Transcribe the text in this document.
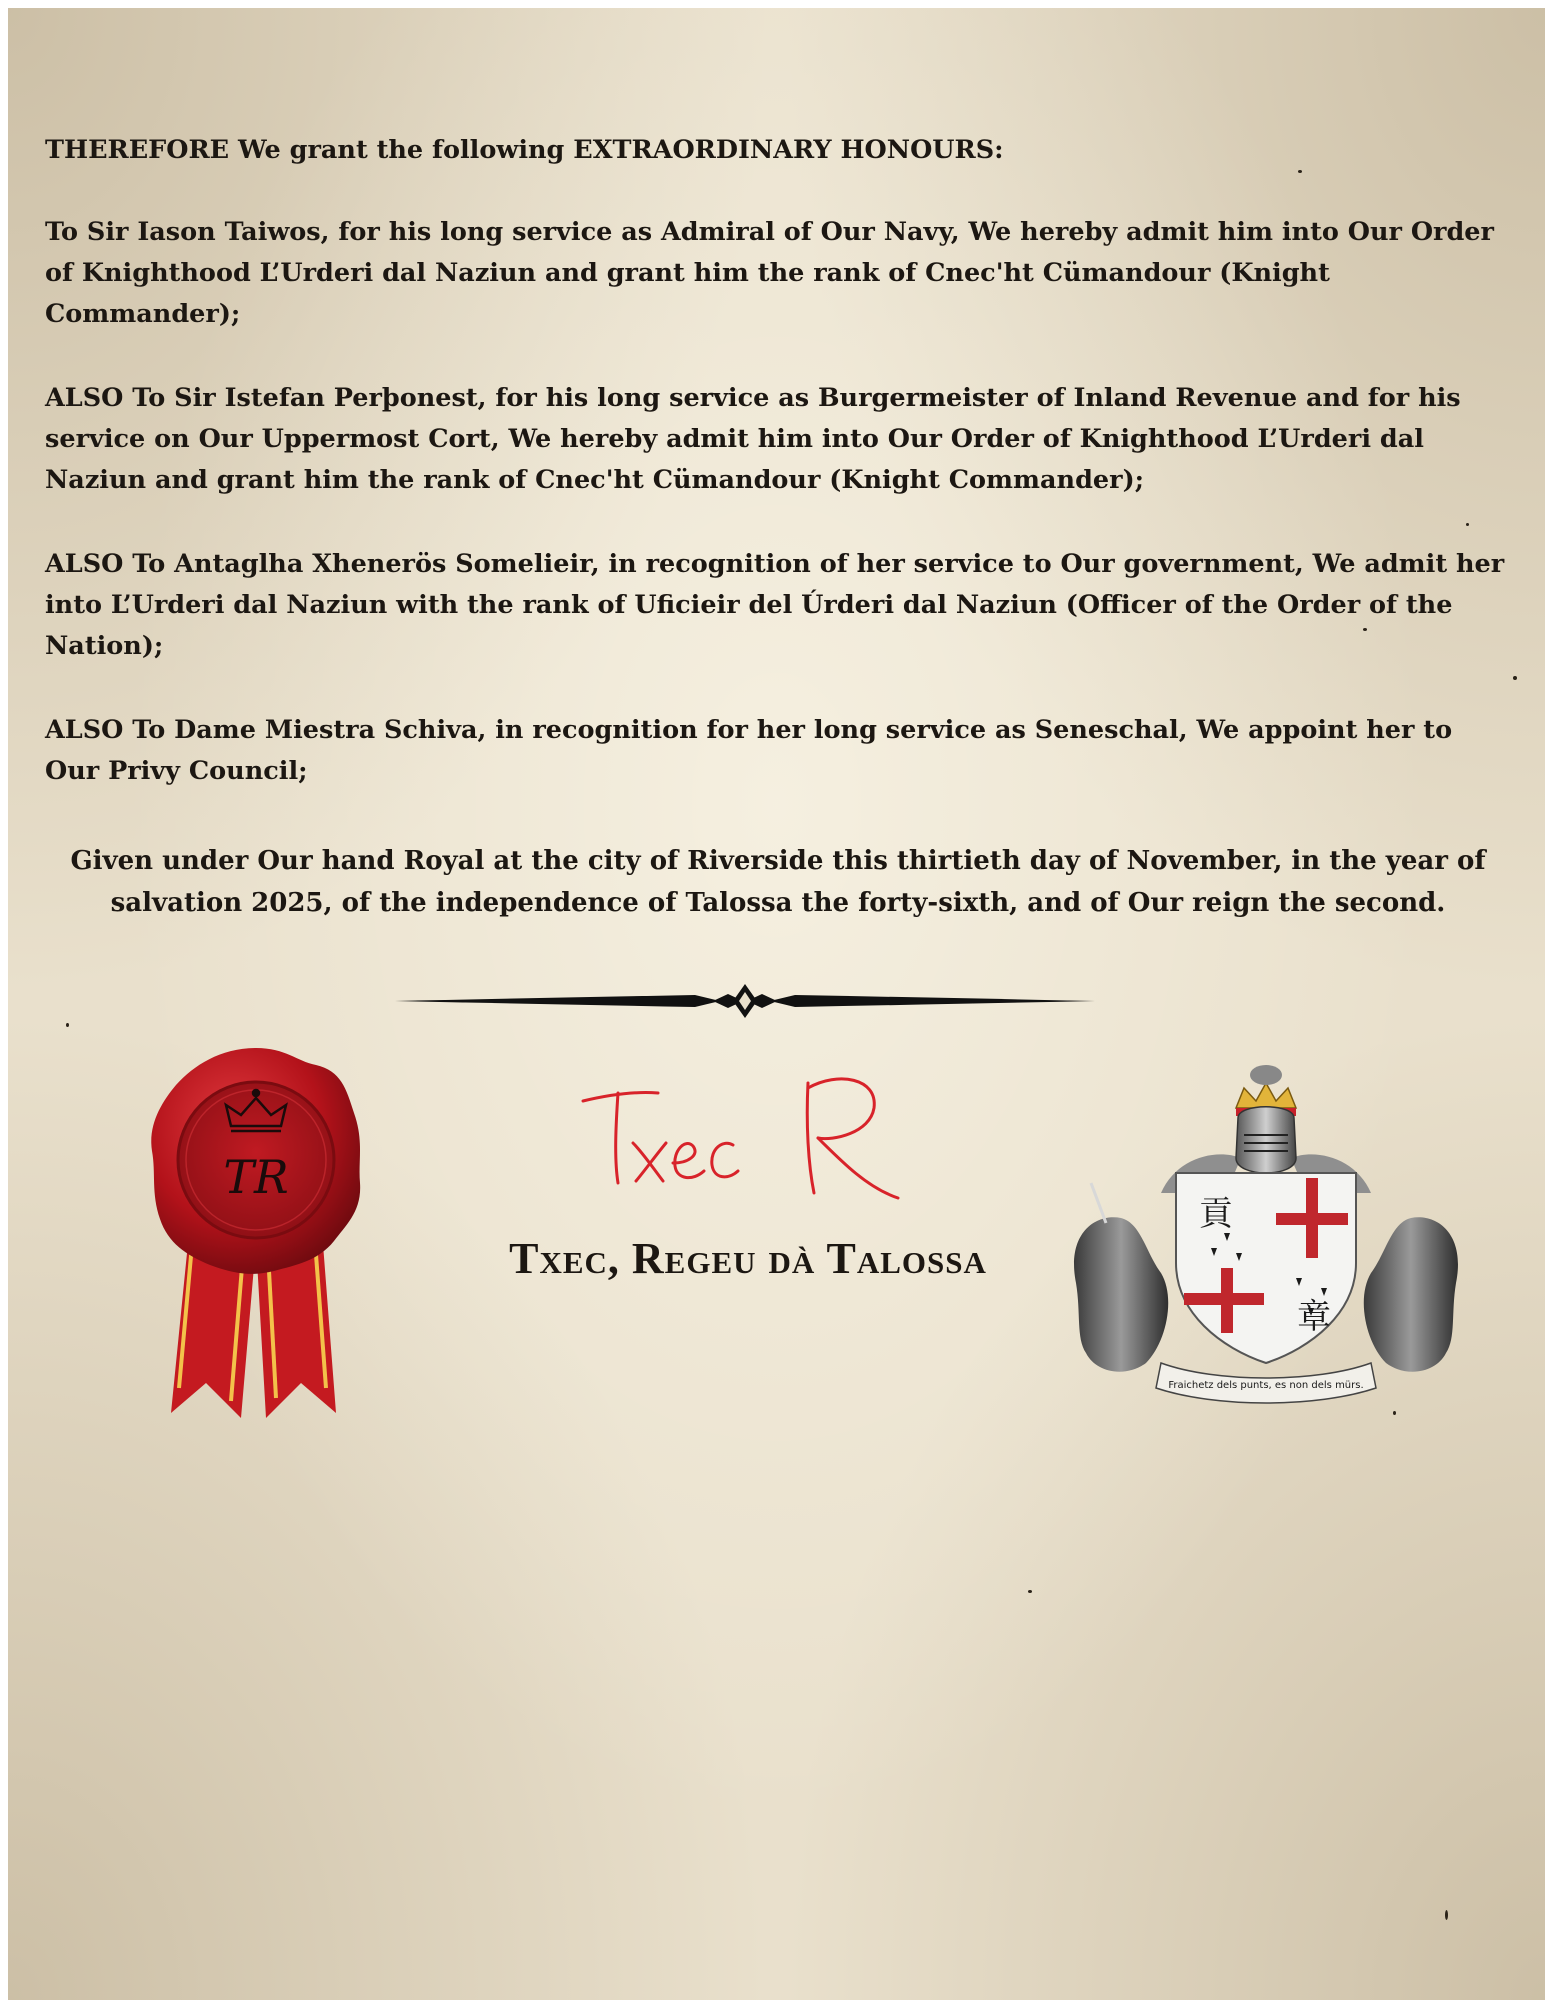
THEREFORE We grant the following EXTRAORDINARY HONOURS:

To Sir Iason Taiwos, for his long service as Admiral of Our Navy, We hereby admit him into Our Order of Knighthood L’Urderi dal Naziun and grant him the rank of Cnec'ht Cümandour (Knight Commander);

ALSO To Sir Istefan Perþonest, for his long service as Burgermeister of Inland Revenue and for his service on Our Uppermost Cort, We hereby admit him into Our Order of Knighthood L’Urderi dal Naziun and grant him the rank of Cnec'ht Cümandour (Knight Commander);

ALSO To Antaglha Xhenerös Somelieir, in recognition of her service to Our government, We admit her into L’Urderi dal Naziun with the rank of Uficieir del Úrderi dal Naziun (Officer of the Order of the Nation);

ALSO To Dame Miestra Schiva, in recognition for her long service as Seneschal, We appoint her to Our Privy Council;

Given under Our hand Royal at the city of Riverside this thirtieth day of November, in the year of salvation 2025, of the independence of Talossa the forty-sixth, and of Our reign the second.

TR

Txec, Regeu dà Talossa

貢
章
Fraichetz dels punts, es non dels mürs.
